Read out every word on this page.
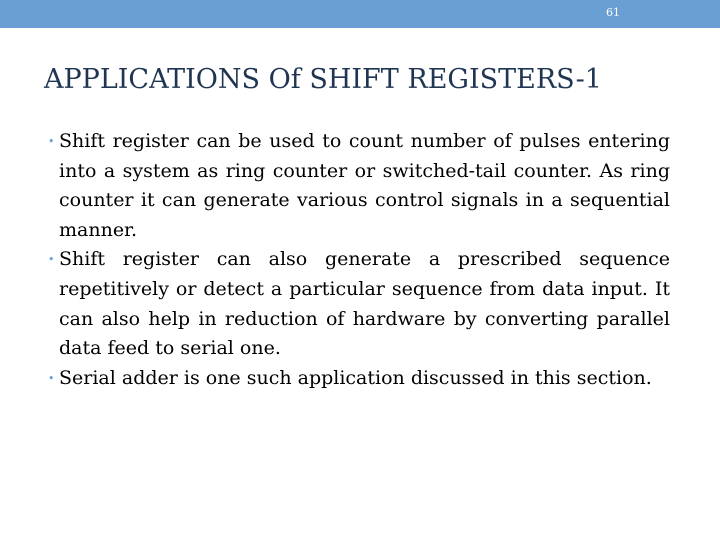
61
APPLICATIONS Of SHIFT REGISTERS-1
• Shift register can be used to count number of pulses entering into a system as ring counter or switched-tail counter. As ring counter it can generate various control signals in a sequential manner.
• Shift register can also generate a prescribed sequence repetitively or detect a particular sequence from data input. It can also help in reduction of hardware by converting parallel data feed to serial one.
• Serial adder is one such application discussed in this section.
